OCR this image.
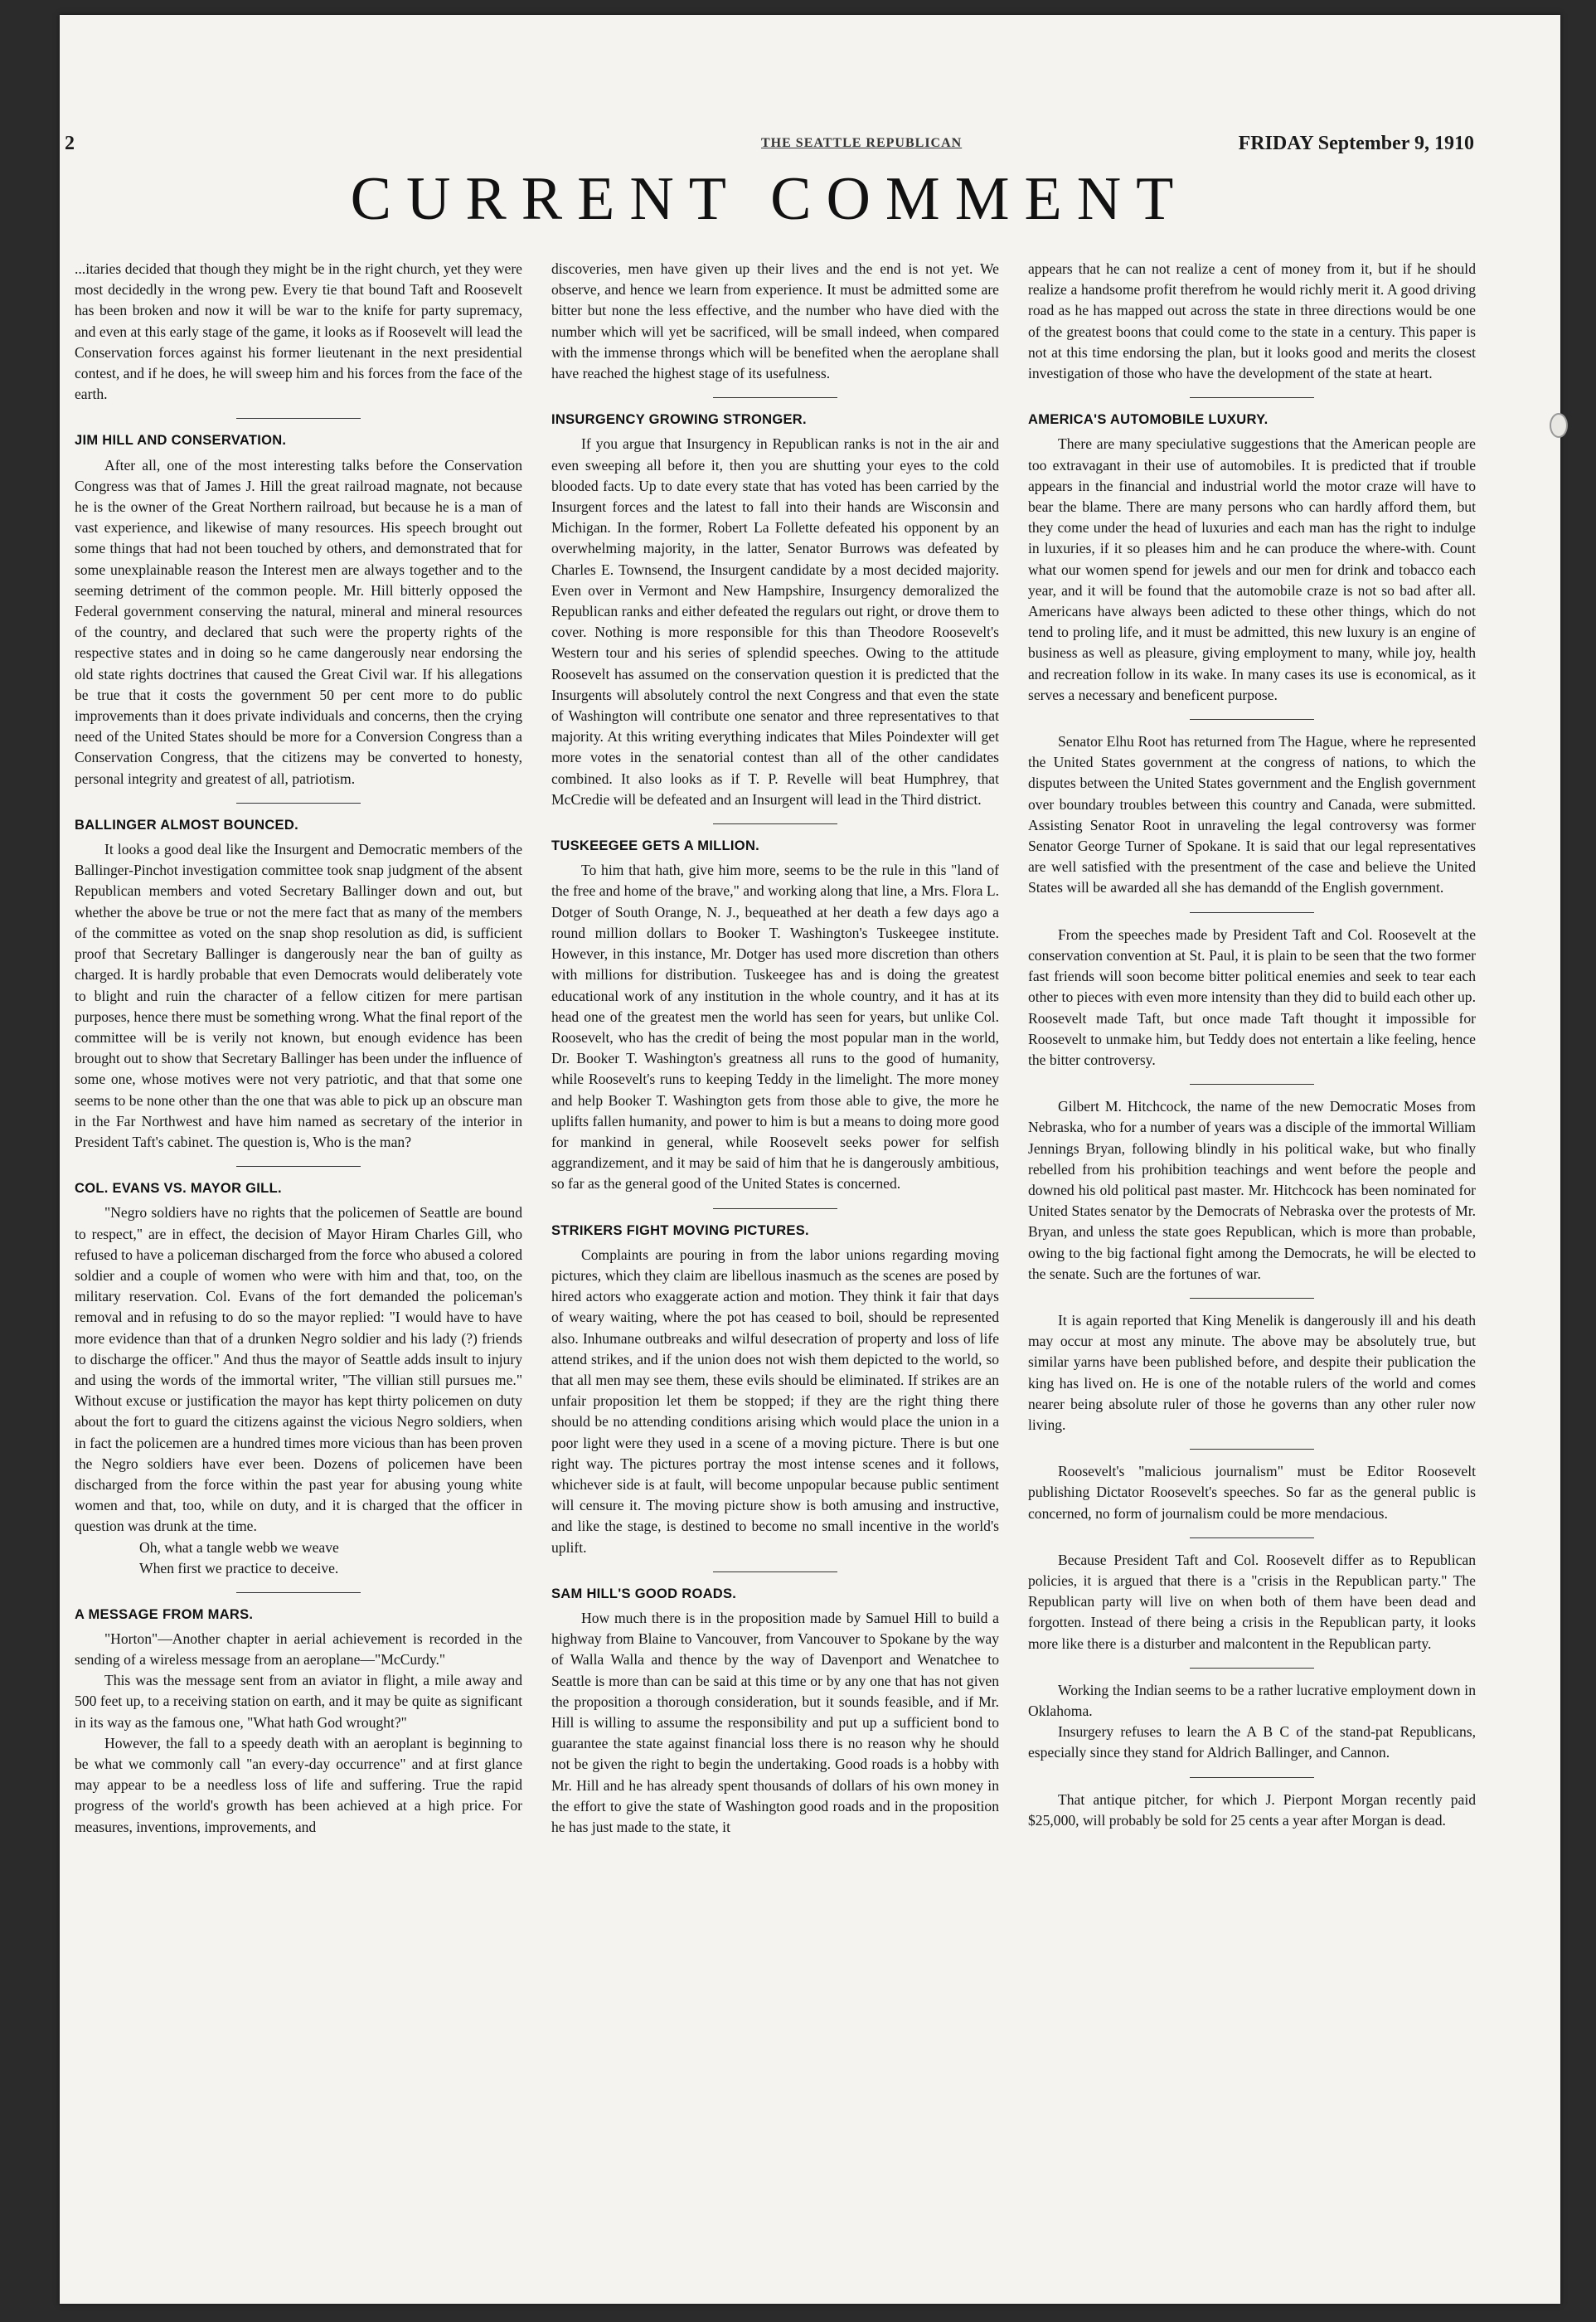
2	THE SEATTLE REPUBLICAN	FRIDAY September 9, 1910
CURRENT COMMENT

...itaries decided that though they might be in the right church, yet they were most decidedly in the wrong pew. Every tie that bound Taft and Roosevelt has been broken and now it will be war to the knife for party supremacy, and even at this early stage of the game, it looks as if Roosevelt will lead the Conservation forces against his former lieutenant in the next presidential contest, and if he does, he will sweep him and his forces from the face of the earth.

JIM HILL AND CONSERVATION.

After all, one of the most interesting talks before the Conservation Congress was that of James J. Hill the great railroad magnate, not because he is the owner of the Great Northern railroad, but because he is a man of vast experience, and likewise of many resources. His speech brought out some things that had not been touched by others, and demonstrated that for some unexplainable reason the Interest men are always together and to the seeming detriment of the common people. Mr. Hill bitterly opposed the Federal government conserving the natural, mineral and mineral resources of the country, and declared that such were the property rights of the respective states and in doing so he came dangerously near endorsing the old state rights doctrines that caused the Great Civil war. If his allegations be true that it costs the government 50 per cent more to do public improvements than it does private individuals and concerns, then the crying need of the United States should be more for a Conversion Congress than a Conservation Congress, that the citizens may be converted to honesty, personal integrity and greatest of all, patriotism.

BALLINGER ALMOST BOUNCED.

It looks a good deal like the Insurgent and Democratic members of the Ballinger-Pinchot investigation committee took snap judgment of the absent Republican members and voted Secretary Ballinger down and out, but whether the above be true or not the mere fact that as many of the members of the committee as voted on the snap shop resolution as did, is sufficient proof that Secretary Ballinger is dangerously near the ban of guilty as charged. It is hardly probable that even Democrats would deliberately vote to blight and ruin the character of a fellow citizen for mere partisan purposes, hence there must be something wrong. What the final report of the committee will be is verily not known, but enough evidence has been brought out to show that Secretary Ballinger has been under the influence of some one, whose motives were not very patriotic, and that that some one seems to be none other than the one that was able to pick up an obscure man in the Far Northwest and have him named as secretary of the interior in President Taft's cabinet. The question is, Who is the man?

COL. EVANS VS. MAYOR GILL.

"Negro soldiers have no rights that the policemen of Seattle are bound to respect," are in effect, the decision of Mayor Hiram Charles Gill, who refused to have a policeman discharged from the force who abused a colored soldier and a couple of women who were with him and that, too, on the military reservation. Col. Evans of the fort demanded the policeman's removal and in refusing to do so the mayor replied: "I would have to have more evidence than that of a drunken Negro soldier and his lady (?) friends to discharge the officer." And thus the mayor of Seattle adds insult to injury and using the words of the immortal writer, "The villian still pursues me." Without excuse or justification the mayor has kept thirty policemen on duty about the fort to guard the citizens against the vicious Negro soldiers, when in fact the policemen are a hundred times more vicious than has been proven the Negro soldiers have ever been. Dozens of policemen have been discharged from the force within the past year for abusing young white women and that, too, while on duty, and it is charged that the officer in question was drunk at the time.

Oh, what a tangle webb we weave
When first we practice to deceive.
A MESSAGE FROM MARS.

"Horton"—Another chapter in aerial achievement is recorded in the sending of a wireless message from an aeroplane—"McCurdy."

This was the message sent from an aviator in flight, a mile away and 500 feet up, to a receiving station on earth, and it may be quite as significant in its way as the famous one, "What hath God wrought?"

However, the fall to a speedy death with an aeroplant is beginning to be what we commonly call "an every-day occurrence" and at first glance may appear to be a needless loss of life and suffering. True the rapid progress of the world's growth has been achieved at a high price. For measures, inventions, improvements, and

discoveries, men have given up their lives and the end is not yet. We observe, and hence we learn from experience. It must be admitted some are bitter but none the less effective, and the number who have died with the number which will yet be sacrificed, will be small indeed, when compared with the immense throngs which will be benefited when the aeroplane shall have reached the highest stage of its usefulness.

INSURGENCY GROWING STRONGER.

If you argue that Insurgency in Republican ranks is not in the air and even sweeping all before it, then you are shutting your eyes to the cold blooded facts. Up to date every state that has voted has been carried by the Insurgent forces and the latest to fall into their hands are Wisconsin and Michigan. In the former, Robert La Follette defeated his opponent by an overwhelming majority, in the latter, Senator Burrows was defeated by Charles E. Townsend, the Insurgent candidate by a most decided majority. Even over in Vermont and New Hampshire, Insurgency demoralized the Republican ranks and either defeated the regulars out right, or drove them to cover. Nothing is more responsible for this than Theodore Roosevelt's Western tour and his series of splendid speeches. Owing to the attitude Roosevelt has assumed on the conservation question it is predicted that the Insurgents will absolutely control the next Congress and that even the state of Washington will contribute one senator and three representatives to that majority. At this writing everything indicates that Miles Poindexter will get more votes in the senatorial contest than all of the other candidates combined. It also looks as if T. P. Revelle will beat Humphrey, that McCredie will be defeated and an Insurgent will lead in the Third district.

TUSKEEGEE GETS A MILLION.

To him that hath, give him more, seems to be the rule in this "land of the free and home of the brave," and working along that line, a Mrs. Flora L. Dotger of South Orange, N. J., bequeathed at her death a few days ago a round million dollars to Booker T. Washington's Tuskeegee institute. However, in this instance, Mr. Dotger has used more discretion than others with millions for distribution. Tuskeegee has and is doing the greatest educational work of any institution in the whole country, and it has at its head one of the greatest men the world has seen for years, but unlike Col. Roosevelt, who has the credit of being the most popular man in the world, Dr. Booker T. Washington's greatness all runs to the good of humanity, while Roosevelt's runs to keeping Teddy in the limelight. The more money and help Booker T. Washington gets from those able to give, the more he uplifts fallen humanity, and power to him is but a means to doing more good for mankind in general, while Roosevelt seeks power for selfish aggrandizement, and it may be said of him that he is dangerously ambitious, so far as the general good of the United States is concerned.

STRIKERS FIGHT MOVING PICTURES.

Complaints are pouring in from the labor unions regarding moving pictures, which they claim are libellous inasmuch as the scenes are posed by hired actors who exaggerate action and motion. They think it fair that days of weary waiting, where the pot has ceased to boil, should be represented also. Inhumane outbreaks and wilful desecration of property and loss of life attend strikes, and if the union does not wish them depicted to the world, so that all men may see them, these evils should be eliminated. If strikes are an unfair proposition let them be stopped; if they are the right thing there should be no attending conditions arising which would place the union in a poor light were they used in a scene of a moving picture. There is but one right way. The pictures portray the most intense scenes and it follows, whichever side is at fault, will become unpopular because public sentiment will censure it. The moving picture show is both amusing and instructive, and like the stage, is destined to become no small incentive in the world's uplift.

SAM HILL'S GOOD ROADS.

How much there is in the proposition made by Samuel Hill to build a highway from Blaine to Vancouver, from Vancouver to Spokane by the way of Walla Walla and thence by the way of Davenport and Wenatchee to Seattle is more than can be said at this time or by any one that has not given the proposition a thorough consideration, but it sounds feasible, and if Mr. Hill is willing to assume the responsibility and put up a sufficient bond to guarantee the state against financial loss there is no reason why he should not be given the right to begin the undertaking. Good roads is a hobby with Mr. Hill and he has already spent thousands of dollars of his own money in the effort to give the state of Washington good roads and in the proposition he has just made to the state, it

appears that he can not realize a cent of money from it, but if he should realize a handsome profit therefrom he would richly merit it. A good driving road as he has mapped out across the state in three directions would be one of the greatest boons that could come to the state in a century. This paper is not at this time endorsing the plan, but it looks good and merits the closest investigation of those who have the development of the state at heart.

AMERICA'S AUTOMOBILE LUXURY.

There are many speciulative suggestions that the American people are too extravagant in their use of automobiles. It is predicted that if trouble appears in the financial and industrial world the motor craze will have to bear the blame. There are many persons who can hardly afford them, but they come under the head of luxuries and each man has the right to indulge in luxuries, if it so pleases him and he can produce the where-with. Count what our women spend for jewels and our men for drink and tobacco each year, and it will be found that the automobile craze is not so bad after all. Americans have always been adicted to these other things, which do not tend to proling life, and it must be admitted, this new luxury is an engine of business as well as pleasure, giving employment to many, while joy, health and recreation follow in its wake. In many cases its use is economical, as it serves a necessary and beneficent purpose.

Senator Elhu Root has returned from The Hague, where he represented the United States government at the congress of nations, to which the disputes between the United States government and the English government over boundary troubles between this country and Canada, were submitted. Assisting Senator Root in unraveling the legal controversy was former Senator George Turner of Spokane. It is said that our legal representatives are well satisfied with the presentment of the case and believe the United States will be awarded all she has demandd of the English government.

From the speeches made by President Taft and Col. Roosevelt at the conservation convention at St. Paul, it is plain to be seen that the two former fast friends will soon become bitter political enemies and seek to tear each other to pieces with even more intensity than they did to build each other up. Roosevelt made Taft, but once made Taft thought it impossible for Roosevelt to unmake him, but Teddy does not entertain a like feeling, hence the bitter controversy.

Gilbert M. Hitchcock, the name of the new Democratic Moses from Nebraska, who for a number of years was a disciple of the immortal William Jennings Bryan, following blindly in his political wake, but who finally rebelled from his prohibition teachings and went before the people and downed his old political past master. Mr. Hitchcock has been nominated for United States senator by the Democrats of Nebraska over the protests of Mr. Bryan, and unless the state goes Republican, which is more than probable, owing to the big factional fight among the Democrats, he will be elected to the senate. Such are the fortunes of war.

It is again reported that King Menelik is dangerously ill and his death may occur at most any minute. The above may be absolutely true, but similar yarns have been published before, and despite their publication the king has lived on. He is one of the notable rulers of the world and comes nearer being absolute ruler of those he governs than any other ruler now living.

Roosevelt's "malicious journalism" must be Editor Roosevelt publishing Dictator Roosevelt's speeches. So far as the general public is concerned, no form of journalism could be more mendacious.

Because President Taft and Col. Roosevelt differ as to Republican policies, it is argued that there is a "crisis in the Republican party." The Republican party will live on when both of them have been dead and forgotten. Instead of there being a crisis in the Republican party, it looks more like there is a disturber and malcontent in the Republican party.

Working the Indian seems to be a rather lucrative employment down in Oklahoma.

Insurgery refuses to learn the A B C of the stand-pat Republicans, especially since they stand for Aldrich Ballinger, and Cannon.

That antique pitcher, for which J. Pierpont Morgan recently paid $25,000, will probably be sold for 25 cents a year after Morgan is dead.
